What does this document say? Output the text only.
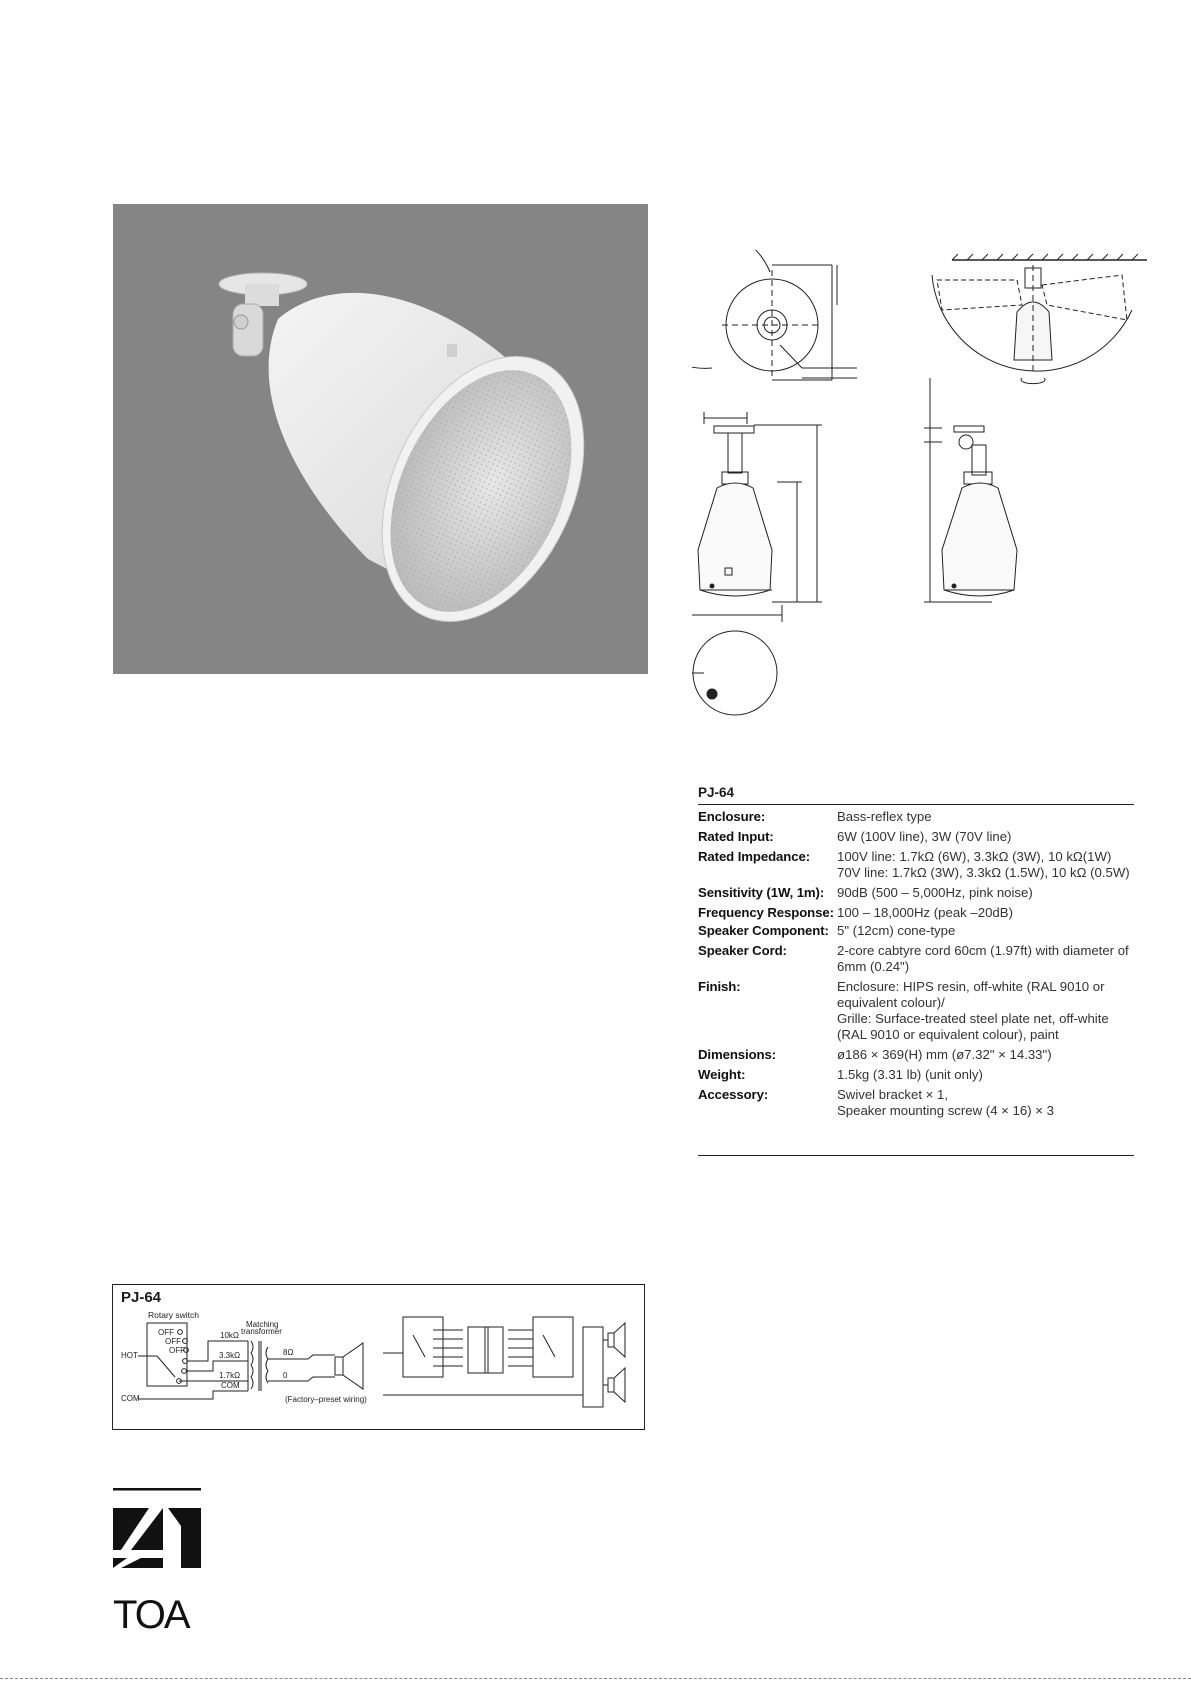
PJ-64
Enclosure:	Bass-reflex type
Rated Input:	6W (100V line), 3W (70V line)
Rated Impedance:	100V line: 1.7kΩ (6W), 3.3kΩ (3W), 10 kΩ(1W)
70V line: 1.7kΩ (3W), 3.3kΩ (1.5W), 10 kΩ (0.5W)
Sensitivity (1W, 1m): 90dB (500 – 5,000Hz, pink noise)
Frequency Response: 100 – 18,000Hz (peak –20dB)
Speaker Component: 5" (12cm) cone-type
Speaker Cord:	2-core cabtyre cord 60cm (1.97ft) with diameter of
6mm (0.24")
Finish:	Enclosure: HIPS resin, off-white (RAL 9010 or
equivalent colour)/
Grille: Surface-treated steel plate net, off-white
(RAL 9010 or equivalent colour), paint
Dimensions:	ø186 × 369(H) mm (ø7.32" × 14.33")
Weight:	1.5kg (3.31 lb) (unit only)
Accessory:	Swivel bracket × 1,
Speaker mounting screw (4 × 16) × 3
PJ-64
Rotary switch
Matching
transformer
OFF
OFF
OFF
HOT
10kΩ
3.3kΩ
1.7kΩ
COM
8Ω
0
(Factory–preset wiring)
COM
TOA
